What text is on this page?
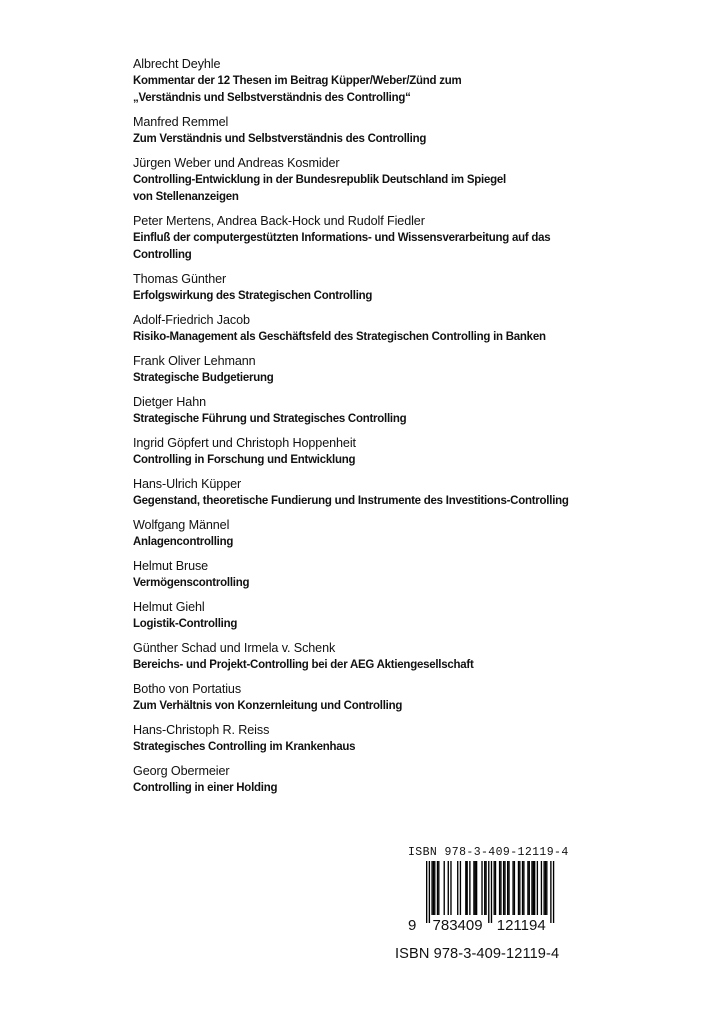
Albrecht Deyhle
Kommentar der 12 Thesen im Beitrag Küpper/Weber/Zünd zum
„Verständnis und Selbstverständnis des Controlling“
Manfred Remmel
Zum Verständnis und Selbstverständnis des Controlling
Jürgen Weber und Andreas Kosmider
Controlling-Entwicklung in der Bundesrepublik Deutschland im Spiegel
von Stellenanzeigen
Peter Mertens, Andrea Back-Hock und Rudolf Fiedler
Einfluß der computergestützten Informations- und Wissensverarbeitung auf das
Controlling
Thomas Günther
Erfolgswirkung des Strategischen Controlling
Adolf-Friedrich Jacob
Risiko-Management als Geschäftsfeld des Strategischen Controlling in Banken
Frank Oliver Lehmann
Strategische Budgetierung
Dietger Hahn
Strategische Führung und Strategisches Controlling
Ingrid Göpfert und Christoph Hoppenheit
Controlling in Forschung und Entwicklung
Hans-Ulrich Küpper
Gegenstand, theoretische Fundierung und Instrumente des Investitions-Controlling
Wolfgang Männel
Anlagencontrolling
Helmut Bruse
Vermögenscontrolling
Helmut Giehl
Logistik-Controlling
Günther Schad und Irmela v. Schenk
Bereichs- und Projekt-Controlling bei der AEG Aktiengesellschaft
Botho von Portatius
Zum Verhältnis von Konzernleitung und Controlling
Hans-Christoph R. Reiss
Strategisches Controlling im Krankenhaus
Georg Obermeier
Controlling in einer Holding
ISBN 978-3-409-12119-4
9 783409 121194
ISBN 978-3-409-12119-4
